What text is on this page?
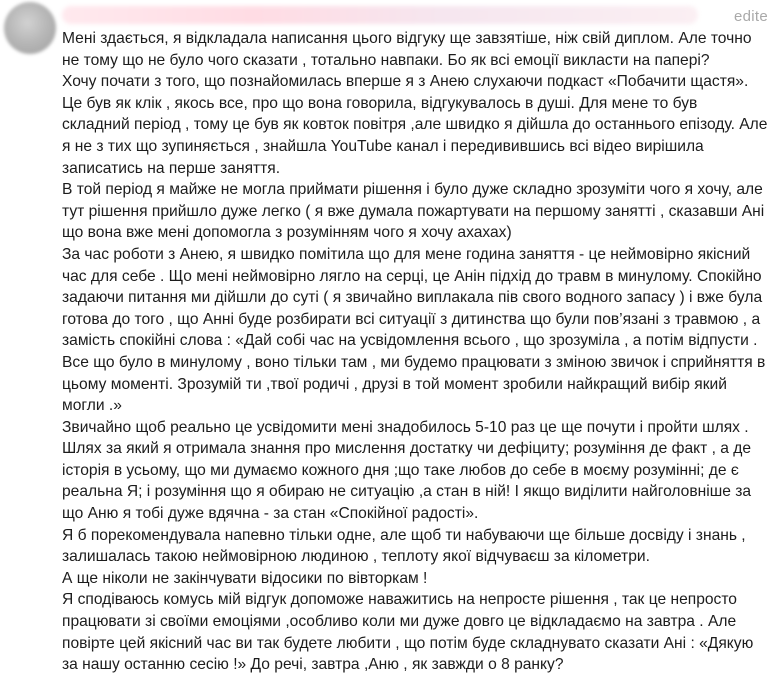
edite

Мені здається, я відкладала написання цього відгуку ще завзятіше, ніж свій диплом. Але точно не тому що не було чого сказати , тотально навпаки. Бо як всі емоції викласти на папері?

Хочу почати з того, що познайомилась вперше я з Анею слухаючи подкаст «Побачити щастя». Це був як клік , якось все, про що вона говорила, відгукувалось в душі. Для мене то був складний період , тому це був як ковток повітря ,але швидко я дійшла до останнього епізоду. Але я не з тих що зупиняється , знайшла YouTube канал і передивившись всі відео вирішила записатись на перше заняття.

В той період я майже не могла приймати рішення і було дуже складно зрозуміти чого я хочу, але тут рішення прийшло дуже легко ( я вже думала пожартувати на першому занятті , сказавши Ані що вона вже мені допомогла з розумінням чого я хочу ахахах)

За час роботи з Анею, я швидко помітила що для мене година заняття - це неймовірно якісний час для себе . Що мені неймовірно лягло на серці, це Анін підхід до травм в минулому. Спокійно задаючи питання ми дійшли до суті ( я звичайно виплакала пів свого водного запасу ) і вже була готова до того , що Анні буде розбирати всі ситуації з дитинства що були пов’язані з травмою , а замість спокійні слова : «Дай собі час на усвідомлення всього , що зрозуміла , а потім відпусти . Все що було в минулому , воно тільки там , ми будемо працювати з зміною звичок і сприйняття в цьому моменті. Зрозумій ти ,твої родичі , друзі в той момент зробили найкращий вибір який могли .»

Звичайно щоб реально це усвідомити мені знадобилось 5-10 раз це ще почути і пройти шлях . Шлях за який я отримала знання про мислення достатку чи дефіциту; розуміння де факт , а де історія в усьому, що ми думаємо кожного дня ;що таке любов до себе в моєму розумінні; де є реальна Я; і розуміння що я обираю не ситуацію ,а стан в ній! І якщо виділити найголовніше за що Аню я тобі дуже вдячна - за стан «Спокійної радості».

Я б порекомендувала напевно тільки одне, але щоб ти набуваючи ще більше досвіду і знань , залишалась такою неймовірною людиною , теплоту якої відчуваєш за кілометри.

А ще ніколи не закінчувати відосики по вівторкам !

Я сподіваюсь комусь мій відгук допоможе наважитись на непросте рішення , так це непросто працювати зі своїми емоціями ,особливо коли ми дуже довго це відкладаємо на завтра . Але повірте цей якісний час ви так будете любити , що потім буде складнувато сказати Ані : «Дякую за нашу останню сесію !» До речі, завтра ,Аню , як завжди о 8 ранку?
